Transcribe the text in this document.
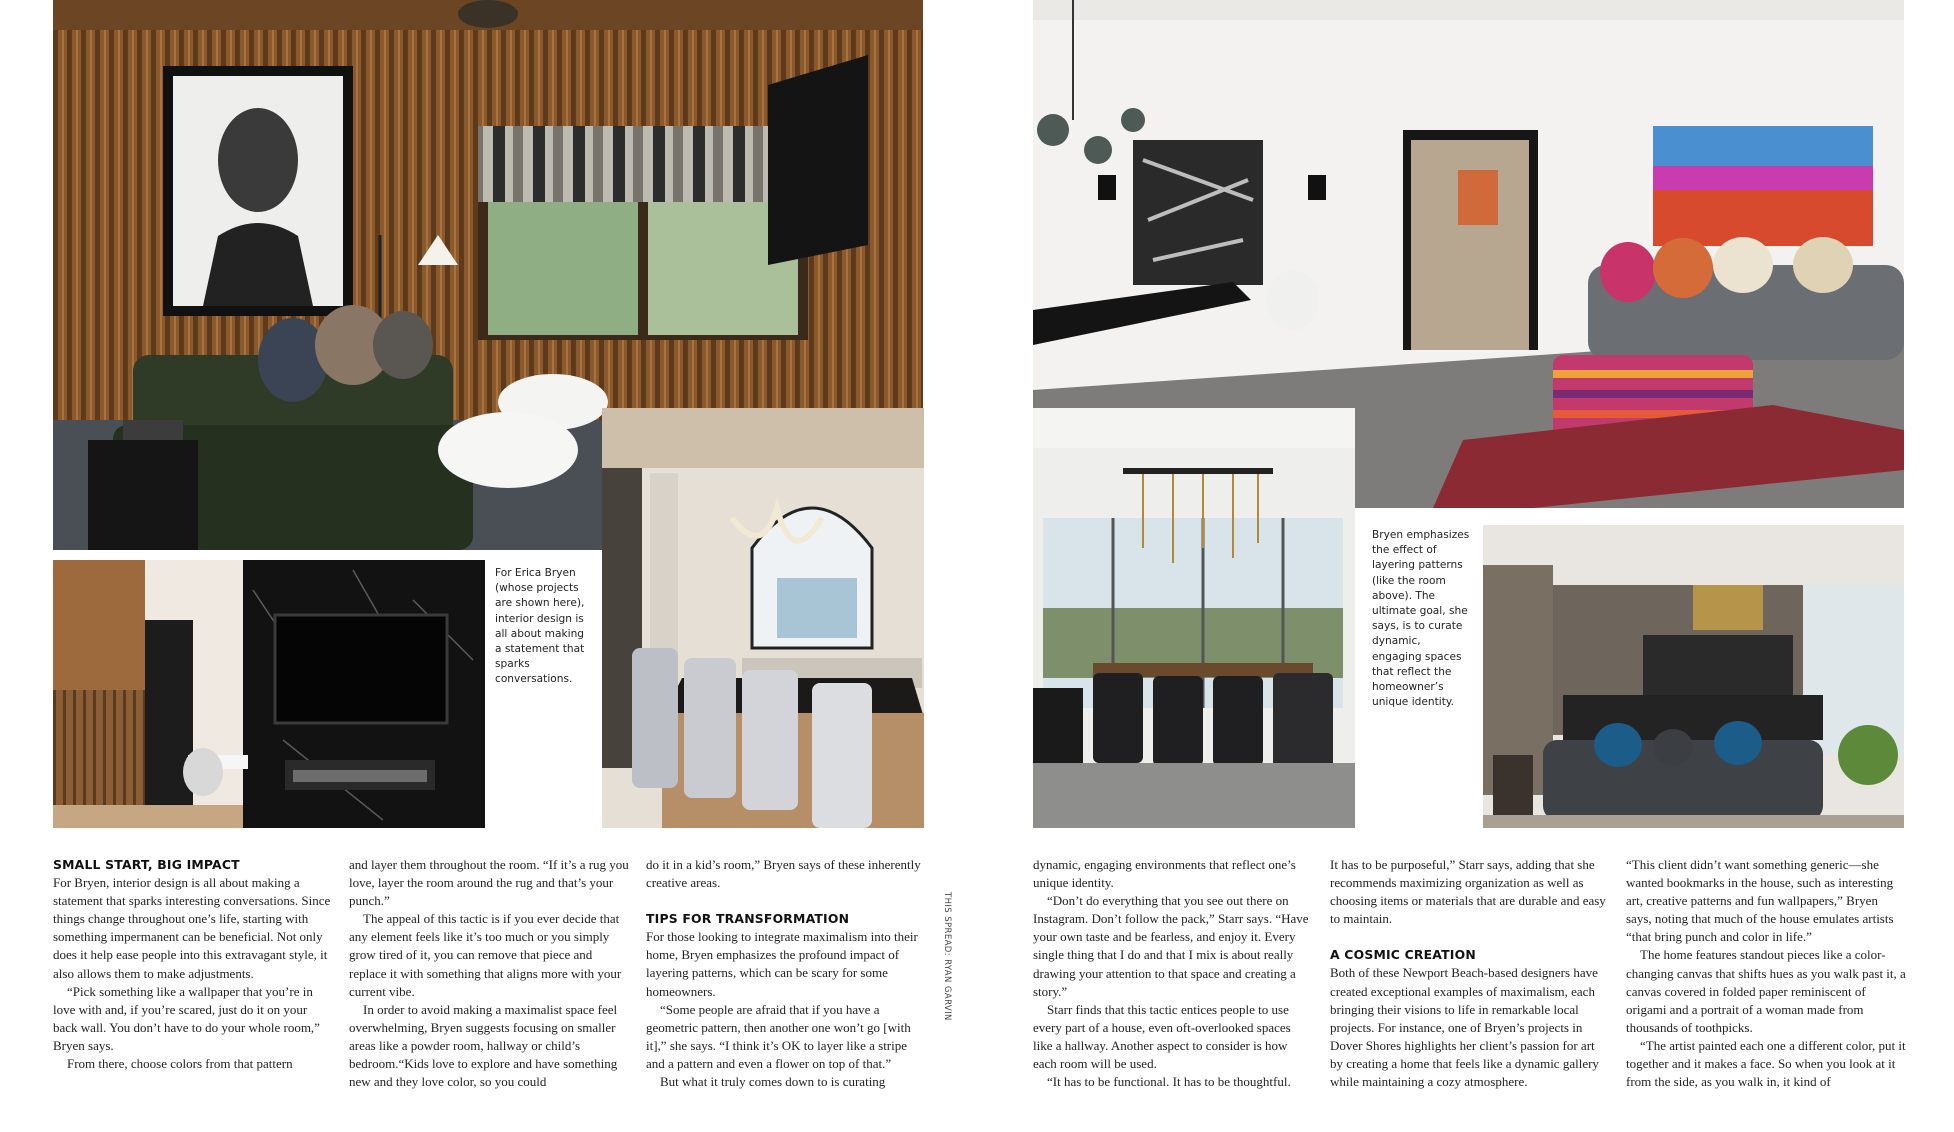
For Erica Bryen (whose projects are shown here), interior design is all about making a statement that sparks conversations.
Bryen emphasizes the effect of layering patterns (like the room above). The ultimate goal, she says, is to curate dynamic, engaging spaces that reflect the homeowner’s unique identity.
THIS SPREAD: RYAN GARVIN
SMALL START, BIG IMPACT

For Bryen, interior design is all about making a statement that sparks interesting conversations. Since things change throughout one’s life, starting with something impermanent can be beneficial. Not only does it help ease people into this extravagant style, it also allows them to make adjustments.

“Pick something like a wallpaper that you’re in love with and, if you’re scared, just do it on your back wall. You don’t have to do your whole room,” Bryen says.

From there, choose colors from that pattern

and layer them throughout the room. “If it’s a rug you love, layer the room around the rug and that’s your punch.”

The appeal of this tactic is if you ever decide that any element feels like it’s too much or you simply grow tired of it, you can remove that piece and replace it with something that aligns more with your current vibe.

In order to avoid making a maximalist space feel overwhelming, Bryen suggests focusing on smaller areas like a powder room, hallway or child’s bedroom.“Kids love to explore and have something new and they love color, so you could

do it in a kid’s room,” Bryen says of these inherently creative areas.

TIPS FOR TRANSFORMATION

For those looking to integrate maximalism into their home, Bryen emphasizes the profound impact of layering patterns, which can be scary for some homeowners.

“Some people are afraid that if you have a geometric pattern, then another one won’t go [with it],” she says. “I think it’s OK to layer like a stripe and a pattern and even a flower on top of that.”

But what it truly comes down to is curating

dynamic, engaging environments that reflect one’s unique identity.

“Don’t do everything that you see out there on Instagram. Don’t follow the pack,” Starr says. “Have your own taste and be fearless, and enjoy it. Every single thing that I do and that I mix is about really drawing your attention to that space and creating a story.”

Starr finds that this tactic entices people to use every part of a house, even oft-overlooked spaces like a hallway. Another aspect to consider is how each room will be used.

“It has to be functional. It has to be thoughtful.

It has to be purposeful,” Starr says, adding that she recommends maximizing organization as well as choosing items or materials that are durable and easy to maintain.

A COSMIC CREATION

Both of these Newport Beach-based designers have created exceptional examples of maximalism, each bringing their visions to life in remarkable local projects. For instance, one of Bryen’s projects in Dover Shores highlights her client’s passion for art by creating a home that feels like a dynamic gallery while maintaining a cozy atmosphere.

“This client didn’t want something generic—she wanted bookmarks in the house, such as interesting art, creative patterns and fun wallpapers,” Bryen says, noting that much of the house emulates artists “that bring punch and color in life.”

The home features standout pieces like a color-changing canvas that shifts hues as you walk past it, a canvas covered in folded paper reminiscent of origami and a portrait of a woman made from thousands of toothpicks.

“The artist painted each one a different color, put it together and it makes a face. So when you look at it from the side, as you walk in, it kind of
